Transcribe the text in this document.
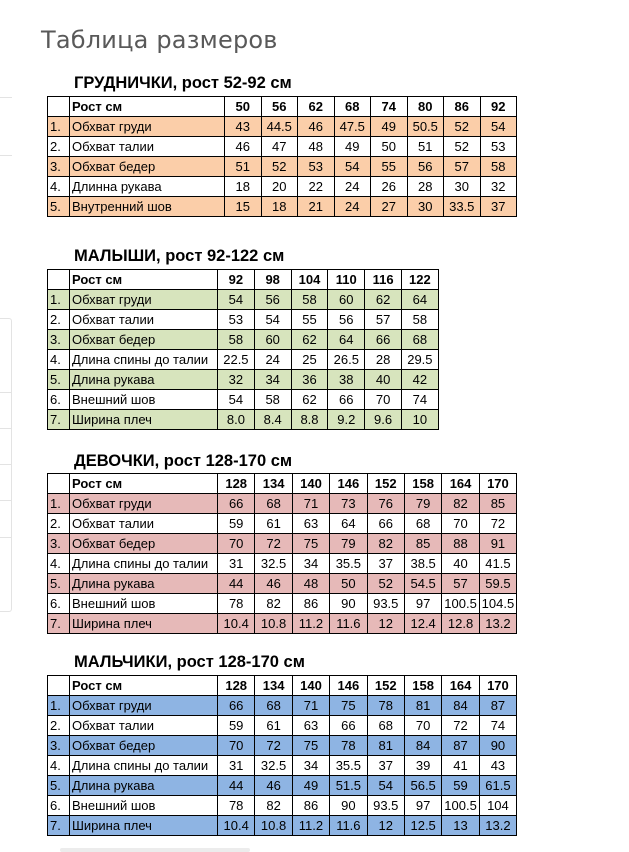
Таблица размеров
ГРУДНИЧКИ, рост 52-92 см
	Рост см	50	56	62	68	74	80	86	92
1.	Обхват груди	43	44.5	46	47.5	49	50.5	52	54
2.	Обхват талии	46	47	48	49	50	51	52	53
3.	Обхват бедер	51	52	53	54	55	56	57	58
4.	Длинна рукава	18	20	22	24	26	28	30	32
5.	Внутренний шов	15	18	21	24	27	30	33.5	37
МАЛЫШИ, рост 92-122 см
	Рост см	92	98	104	110	116	122
1.	Обхват груди	54	56	58	60	62	64
2.	Обхват талии	53	54	55	56	57	58
3.	Обхват бедер	58	60	62	64	66	68
4.	Длина спины до талии	22.5	24	25	26.5	28	29.5
5.	Длина рукава	32	34	36	38	40	42
6.	Внешний шов	54	58	62	66	70	74
7.	Ширина плеч	8.0	8.4	8.8	9.2	9.6	10
ДЕВОЧКИ, рост 128-170 см
	Рост см	128	134	140	146	152	158	164	170
1.	Обхват груди	66	68	71	73	76	79	82	85
2.	Обхват талии	59	61	63	64	66	68	70	72
3.	Обхват бедер	70	72	75	79	82	85	88	91
4.	Длина спины до талии	31	32.5	34	35.5	37	38.5	40	41.5
5.	Длина рукава	44	46	48	50	52	54.5	57	59.5
6.	Внешний шов	78	82	86	90	93.5	97	100.5	104.5
7.	Ширина плеч	10.4	10.8	11.2	11.6	12	12.4	12.8	13.2
МАЛЬЧИКИ, рост 128-170 см
	Рост см	128	134	140	146	152	158	164	170
1.	Обхват груди	66	68	71	75	78	81	84	87
2.	Обхват талии	59	61	63	66	68	70	72	74
3.	Обхват бедер	70	72	75	78	81	84	87	90
4.	Длина спины до талии	31	32.5	34	35.5	37	39	41	43
5.	Длина рукава	44	46	49	51.5	54	56.5	59	61.5
6.	Внешний шов	78	82	86	90	93.5	97	100.5	104
7.	Ширина плеч	10.4	10.8	11.2	11.6	12	12.5	13	13.2
